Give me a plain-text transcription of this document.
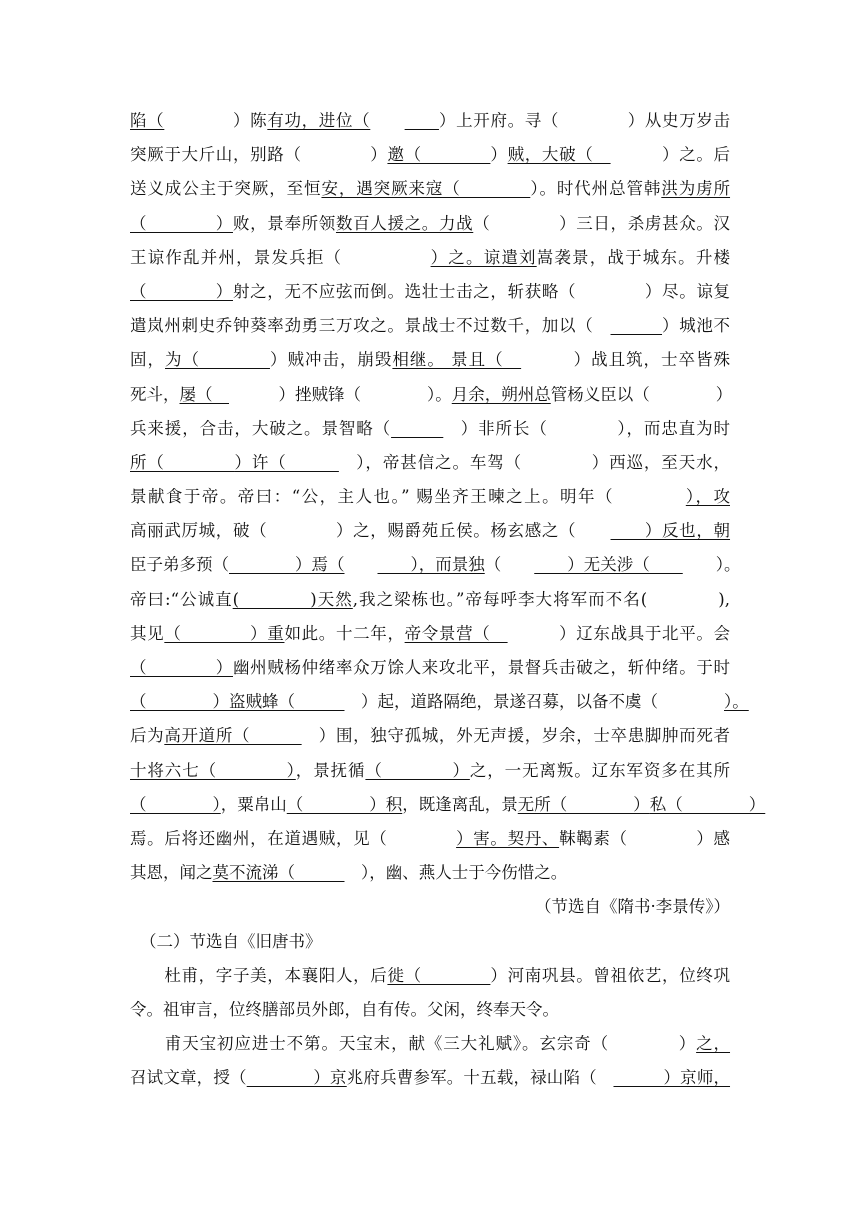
陷（　　　　）陈有功，进位（　　　　	）上开府。寻（　　　　）从史万岁击
突厥于大斤山，别路（　　　　）邀（　　　　）贼，大破（　　　　）之。后
送义成公主于突厥，至恒安，遇突厥来寇（　　　　）。时代州总管韩洪为虏所
（　　　　）败，景奉所领数百人援之。力战（　　　　）三日，杀虏甚众。汉
王谅作乱并州，景发兵拒（　　　　　）之。谅遣刘嵩袭景，战于城东。升楼
（　　　　）射之，无不应弦而倒。选壮士击之，斩获略（　　　　）尽。谅复
遣岚州刺史乔钟葵率劲勇三万攻之。景战士不过数千，加以（　　　　	）城池不
固，为（　　　　）贼冲击，崩毁相继。 景且（　　　　）战且筑，士卒皆殊
死斗，屡（　　　　）挫贼锋（　　　　）。月余，朔州总管杨义臣以（　　　　）
兵来援，合击，大破之。景智略（　　　	　）非所长（　　　　），而忠直为时
所（　　　　）许（　　　　），帝甚信之。车驾（　　　　）西巡，至天水，
景献食于帝。帝曰：“公，主人也。” 赐坐齐王暕之上。明年（　　　　），攻
高丽武厉城，破（　　　　）之，赐爵苑丘侯。杨玄感之（　　　　）反也，朝
臣子弟多预（　　　　）焉（　　　　），而景独（　　　　）无关涉（　　　　）。
帝曰:“公诚直(　　　　)天然,我之梁栋也。”帝每呼李大将军而不名(　　　　),
其见（　　　　）重如此。十二年，帝令景营（　　　　）辽东战具于北平。会
（　　　　）幽州贼杨仲绪率众万馀人来攻北平，景督兵击破之，斩仲绪。于时
（　　　　）盗贼蜂（　　　　）起，道路隔绝，景遂召募，以备不虞（　　　　）。
后为高开道所（　　　　）围，独守孤城，外无声援，岁余，士卒患脚肿而死者
十将六七（　　　　），景抚循（　　　　）之，一无离叛。辽东军资多在其所
（　　　　），粟帛山（　　　　）积，既逢离乱，景无所（　　　　）私（　　　　）
焉。后将还幽州，在道遇贼，见（　　　　）害。契丹、靺鞨素（　　　　）感
其恩，闻之莫不流涕（　　　　），幽、燕人士于今伤惜之。
（节选自《隋书·李景传》）
（二）节选自《旧唐书》
　　杜甫，字子美，本襄阳人，后徙（　　　　）河南巩县。曾祖依艺，位终巩
令。祖审言，位终膳部员外郎，自有传。父闲，终奉天令。
　　甫天宝初应进士不第。天宝末，献《三大礼赋》。玄宗奇（　　　　）之，
召试文章，授（　　　　）京兆府兵曹参军。十五载，禄山陷（　　　　）京师，
